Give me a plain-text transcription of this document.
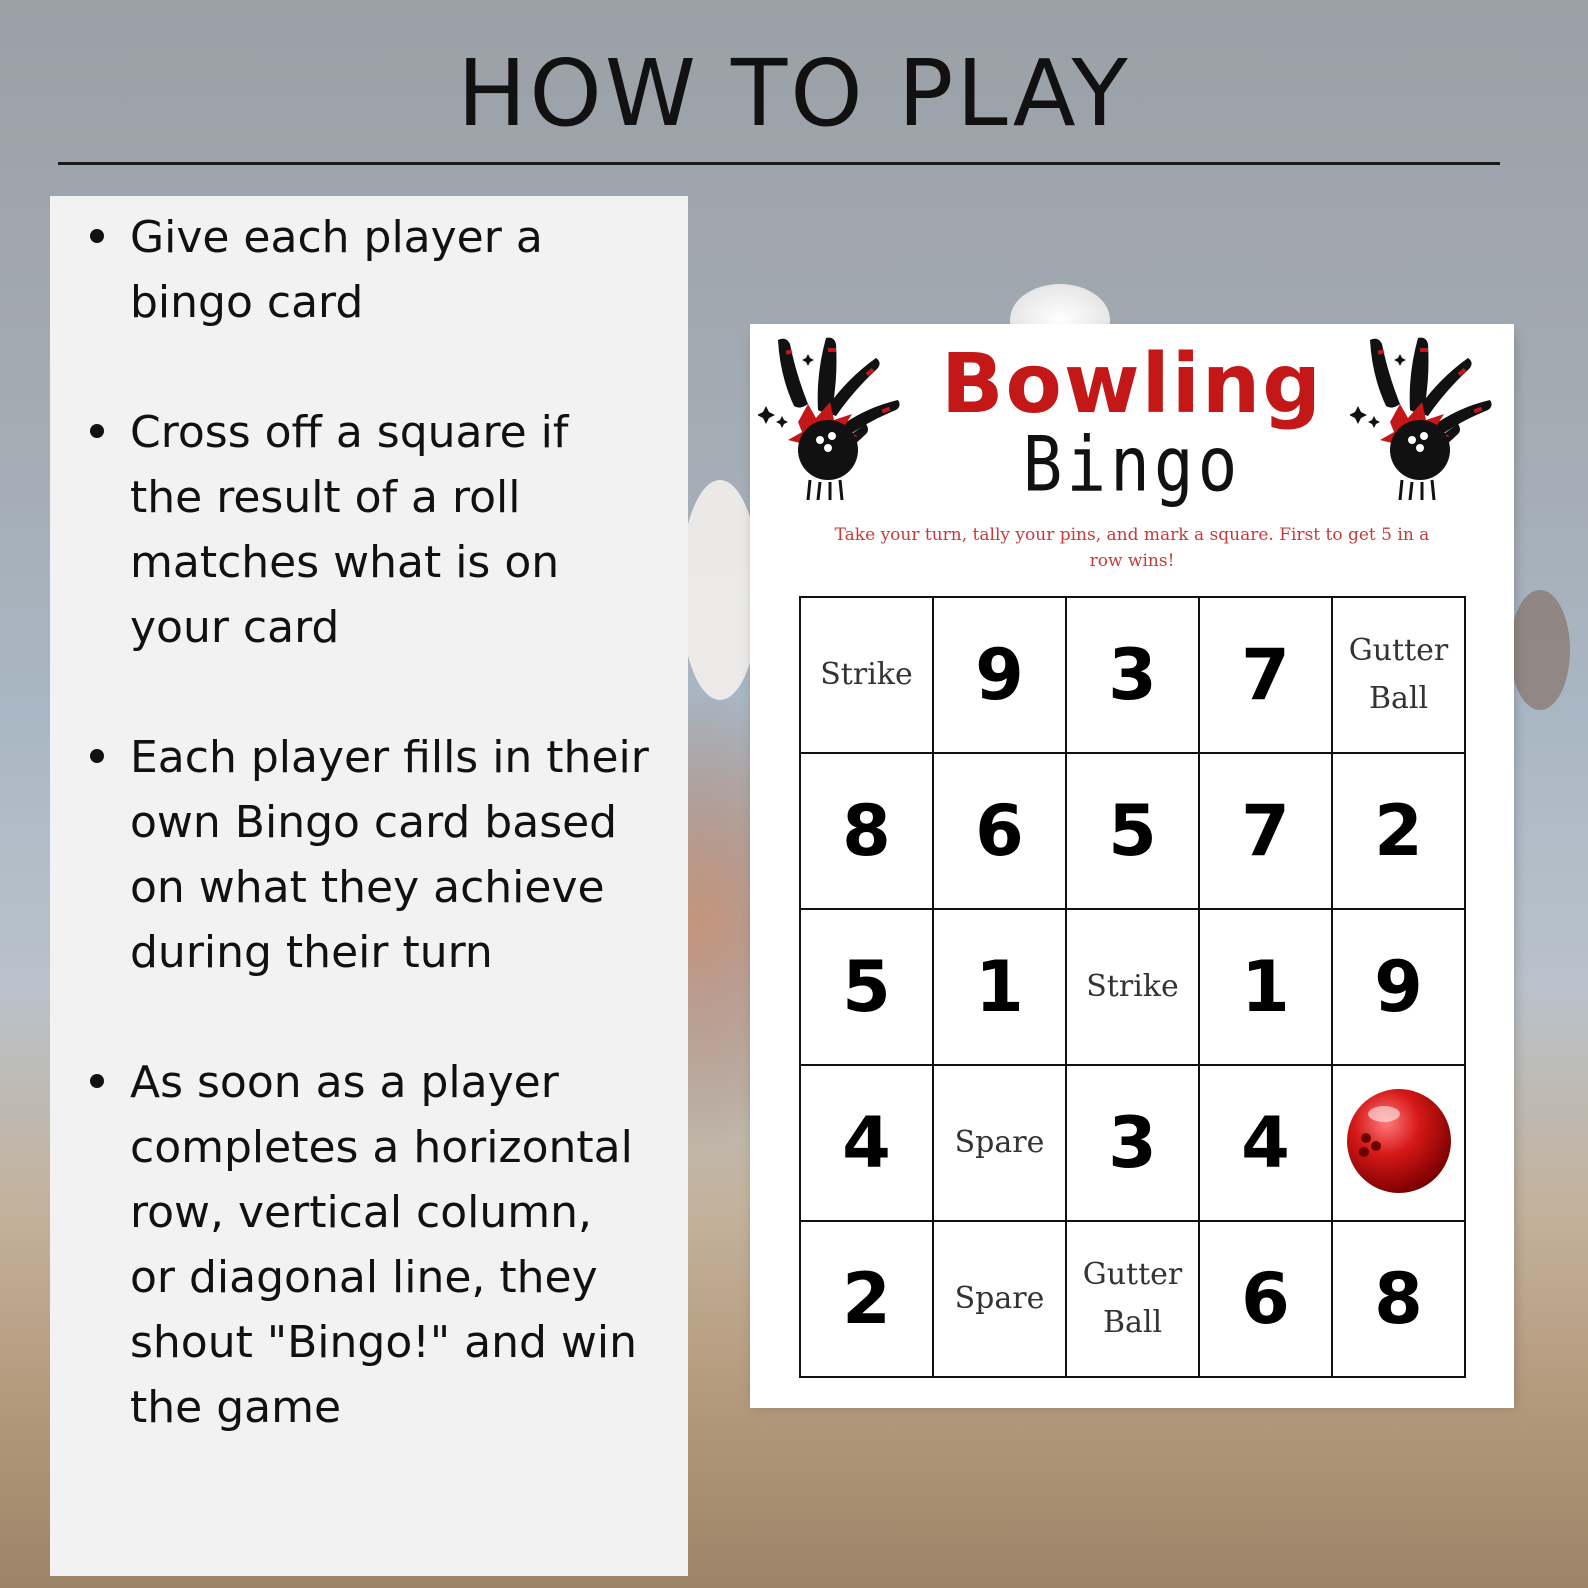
HOW TO PLAY
Give each player a bingo card
Cross off a square if the result of a roll matches what is on your card
Each player fills in their own Bingo card based on what they achieve during their turn
As soon as a player completes a horizontal row, vertical column, or diagonal line, they shout "Bingo!" and win the game
Bowling
Bingo
Take your turn, tally your pins, and mark a square. First to get 5 in a row wins!
Strike	9	3	7	Gutter Ball
8	6	5	7	2
5	1	Strike	1	9
4	Spare	3	4	
2	Spare	Gutter Ball	6	8
